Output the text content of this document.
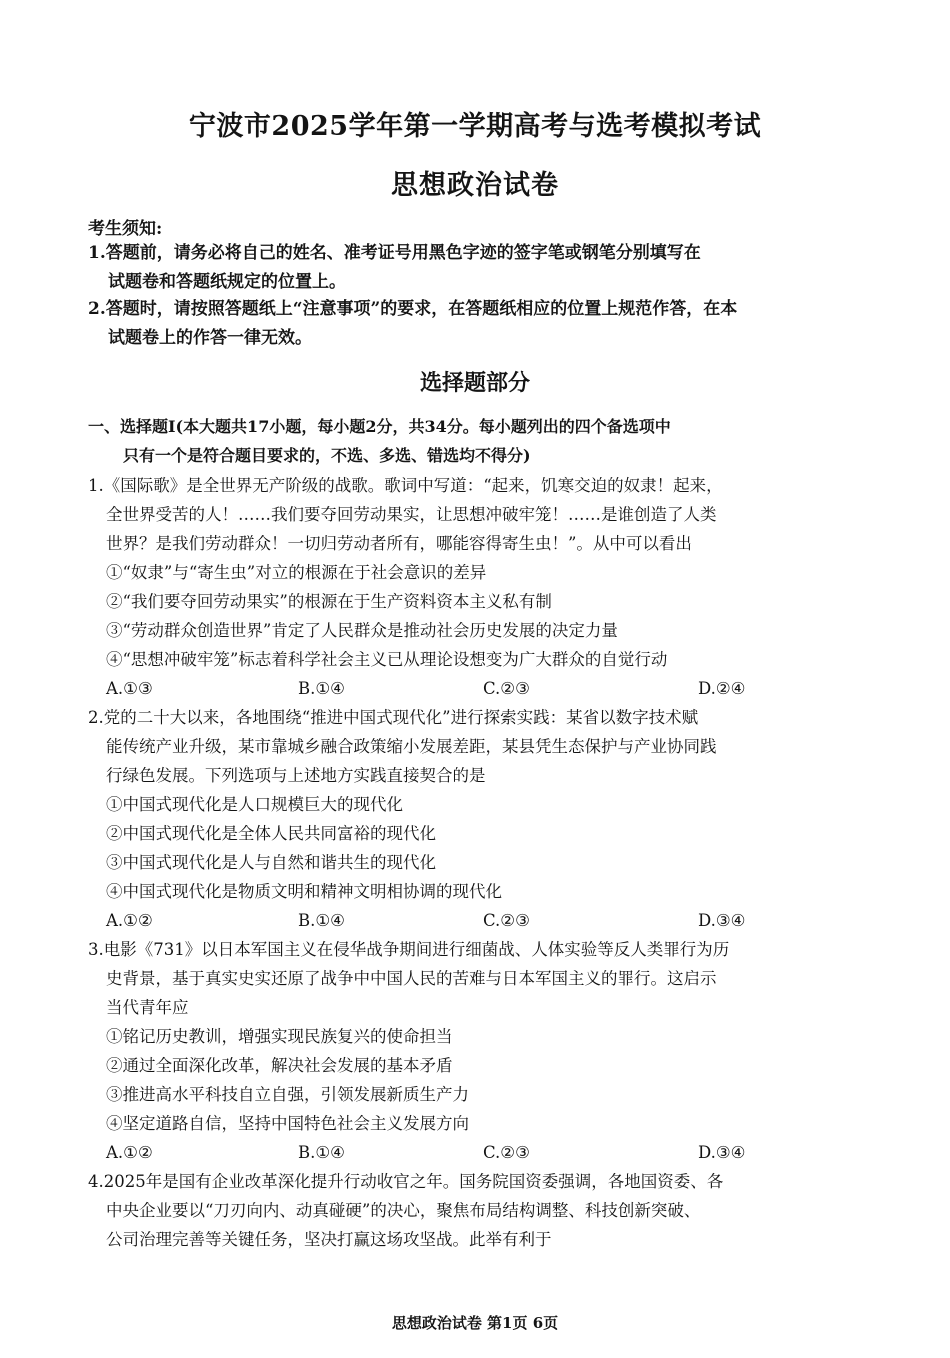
宁波市2025学年第一学期高考与选考模拟考试
思想政治试卷
考生须知:
1.答题前，请务必将自己的姓名、准考证号用黑色字迹的签字笔或钢笔分别填写在
试题卷和答题纸规定的位置上。
2.答题时，请按照答题纸上“注意事项”的要求，在答题纸相应的位置上规范作答，在本
试题卷上的作答一律无效。
选择题部分
一、选择题Ⅰ(本大题共17小题，每小题2分，共34分。每小题列出的四个备选项中
只有一个是符合题目要求的，不选、多选、错选均不得分)
1.《国际歌》是全世界无产阶级的战歌。歌词中写道：“起来，饥寒交迫的奴隶！起来，
全世界受苦的人！……我们要夺回劳动果实，让思想冲破牢笼！……是谁创造了人类
世界？是我们劳动群众！一切归劳动者所有，哪能容得寄生虫！”。从中可以看出
①“奴隶”与“寄生虫”对立的根源在于社会意识的差异
②“我们要夺回劳动果实”的根源在于生产资料资本主义私有制
③“劳动群众创造世界”肯定了人民群众是推动社会历史发展的决定力量
④“思想冲破牢笼”标志着科学社会主义已从理论设想变为广大群众的自觉行动
A.①③	B.①④	C.②③	D.②④
2.党的二十大以来，各地围绕“推进中国式现代化”进行探索实践：某省以数字技术赋
能传统产业升级，某市靠城乡融合政策缩小发展差距，某县凭生态保护与产业协同践
行绿色发展。下列选项与上述地方实践直接契合的是
①中国式现代化是人口规模巨大的现代化
②中国式现代化是全体人民共同富裕的现代化
③中国式现代化是人与自然和谐共生的现代化
④中国式现代化是物质文明和精神文明相协调的现代化
A.①②	B.①④	C.②③	D.③④
3.电影《731》以日本军国主义在侵华战争期间进行细菌战、人体实验等反人类罪行为历
史背景，基于真实史实还原了战争中中国人民的苦难与日本军国主义的罪行。这启示
当代青年应
①铭记历史教训，增强实现民族复兴的使命担当
②通过全面深化改革，解决社会发展的基本矛盾
③推进高水平科技自立自强，引领发展新质生产力
④坚定道路自信，坚持中国特色社会主义发展方向
A.①②	B.①④	C.②③	D.③④
4.2025年是国有企业改革深化提升行动收官之年。国务院国资委强调，各地国资委、各
中央企业要以“刀刃向内、动真碰硬”的决心，聚焦布局结构调整、科技创新突破、
公司治理完善等关键任务，坚决打赢这场攻坚战。此举有利于
思想政治试卷 第1页 6页
